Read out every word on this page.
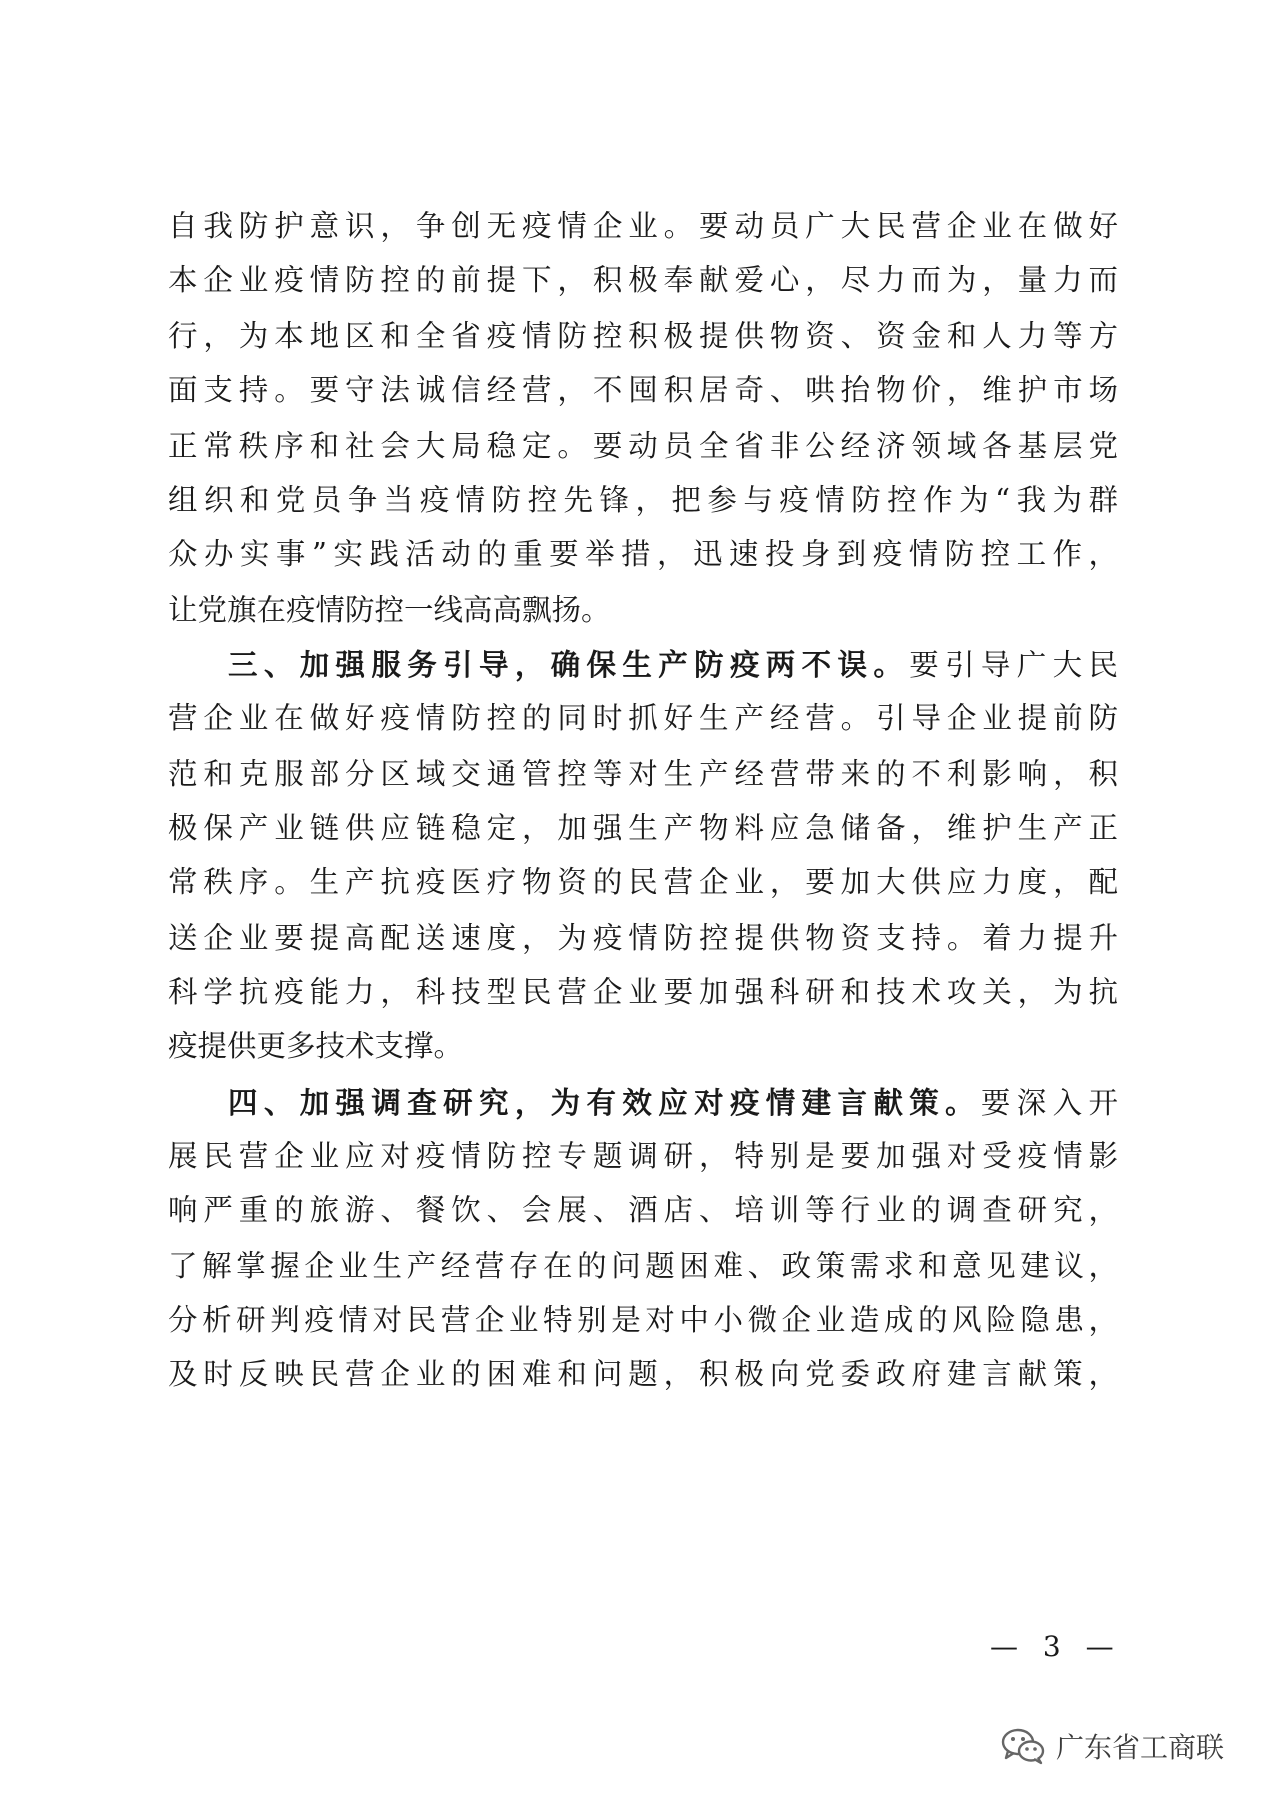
自我防护意识，争创无疫情企业。要动员广大民营企业在做好
本企业疫情防控的前提下，积极奉献爱心，尽力而为，量力而
行，为本地区和全省疫情防控积极提供物资、资金和人力等方
面支持。要守法诚信经营，不囤积居奇、哄抬物价，维护市场
正常秩序和社会大局稳定。要动员全省非公经济领域各基层党
组织和党员争当疫情防控先锋，把参与疫情防控作为“我为群
众办实事”实践活动的重要举措，迅速投身到疫情防控工作，
让党旗在疫情防控一线高高飘扬。
三、加强服务引导，确保生产防疫两不误。要引导广大民
营企业在做好疫情防控的同时抓好生产经营。引导企业提前防
范和克服部分区域交通管控等对生产经营带来的不利影响，积
极保产业链供应链稳定，加强生产物料应急储备，维护生产正
常秩序。生产抗疫医疗物资的民营企业，要加大供应力度，配
送企业要提高配送速度，为疫情防控提供物资支持。着力提升
科学抗疫能力，科技型民营企业要加强科研和技术攻关，为抗
疫提供更多技术支撑。
四、加强调查研究，为有效应对疫情建言献策。要深入开
展民营企业应对疫情防控专题调研，特别是要加强对受疫情影
响严重的旅游、餐饮、会展、酒店、培训等行业的调查研究，
了解掌握企业生产经营存在的问题困难、政策需求和意见建议，
分析研判疫情对民营企业特别是对中小微企业造成的风险隐患，
及时反映民营企业的困难和问题，积极向党委政府建言献策，
— 3 —
广东省工商联
